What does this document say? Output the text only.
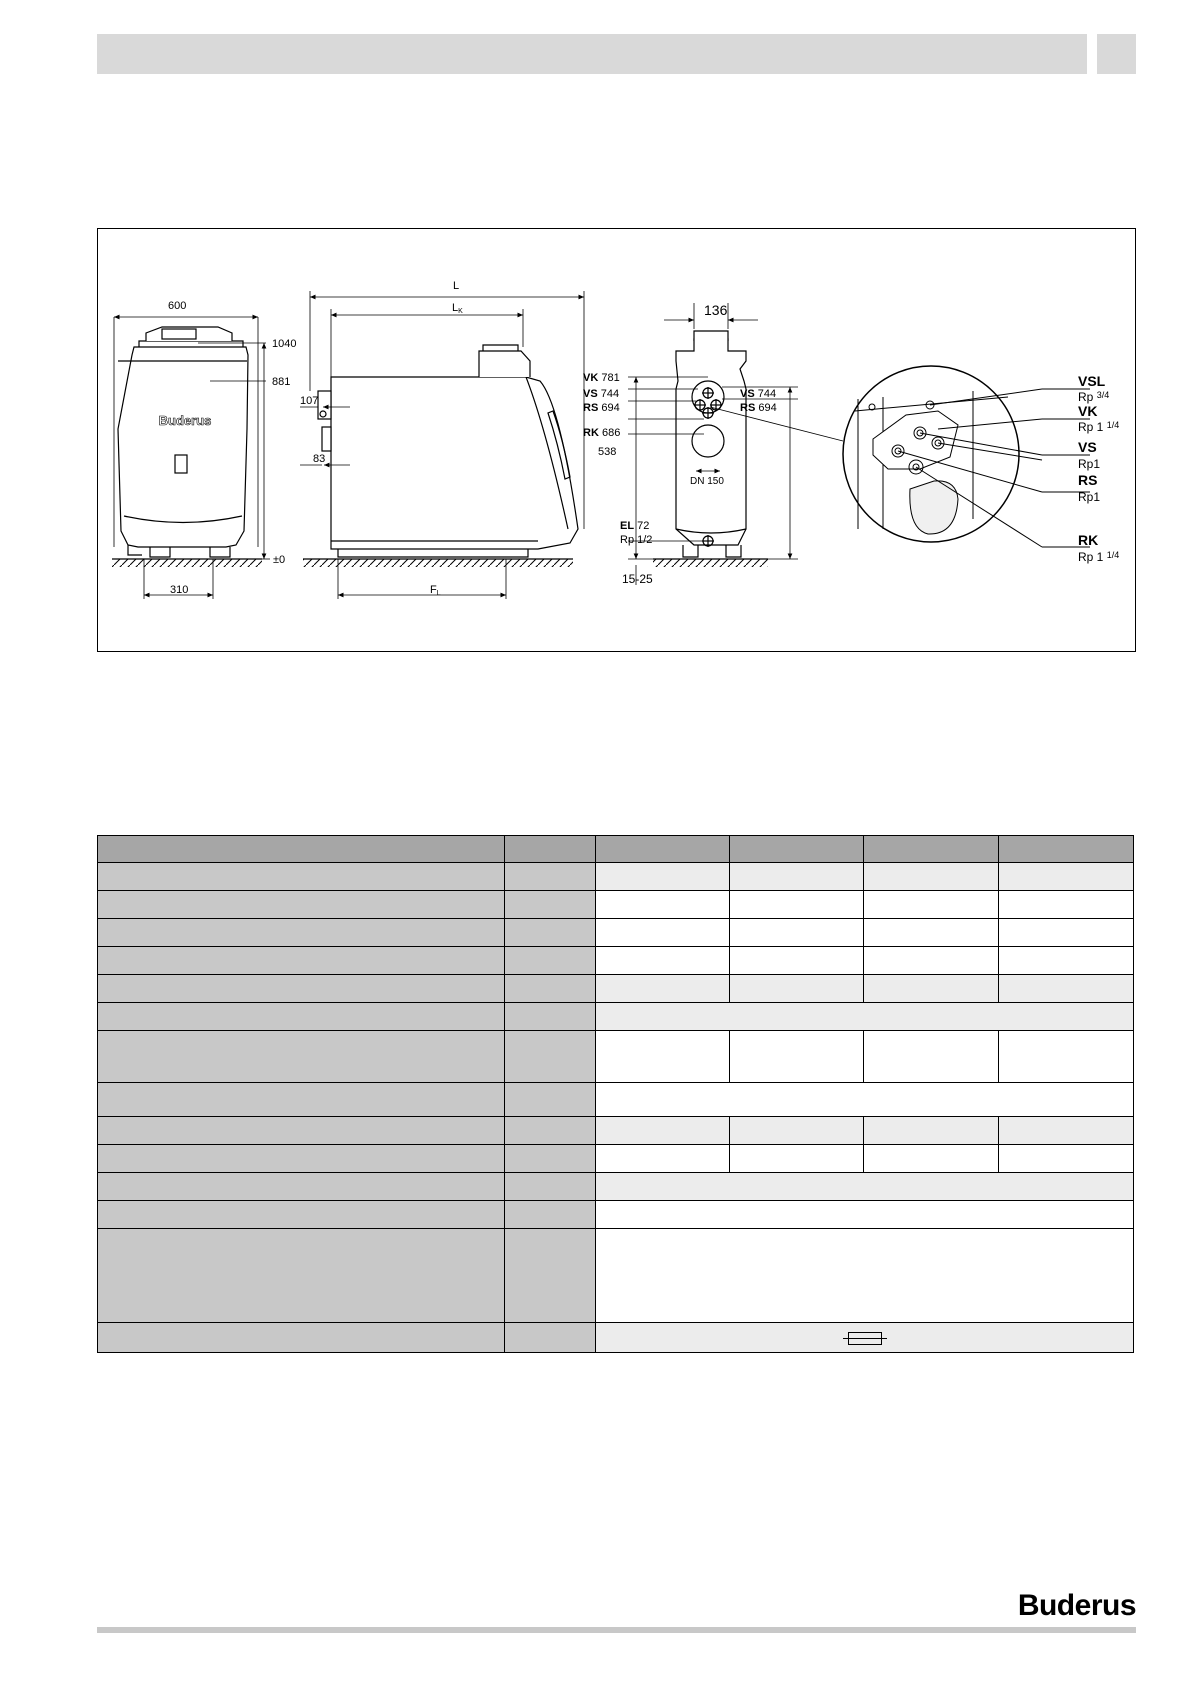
600
310
1040
881
±0
Buderus
L
LK
107
83
FL
136
VK 781
VS 744
RS 694
RK 686
538
DN 150
EL 72
Rp 1/2
VS 744
RS 694
15-25
VSL
Rp $^{3/4}$
VK
Rp 1 $^{1/4}$
VS
Rp1
RS
Rp1
RK
Rp 1 $^{1/4}$

Buderus
